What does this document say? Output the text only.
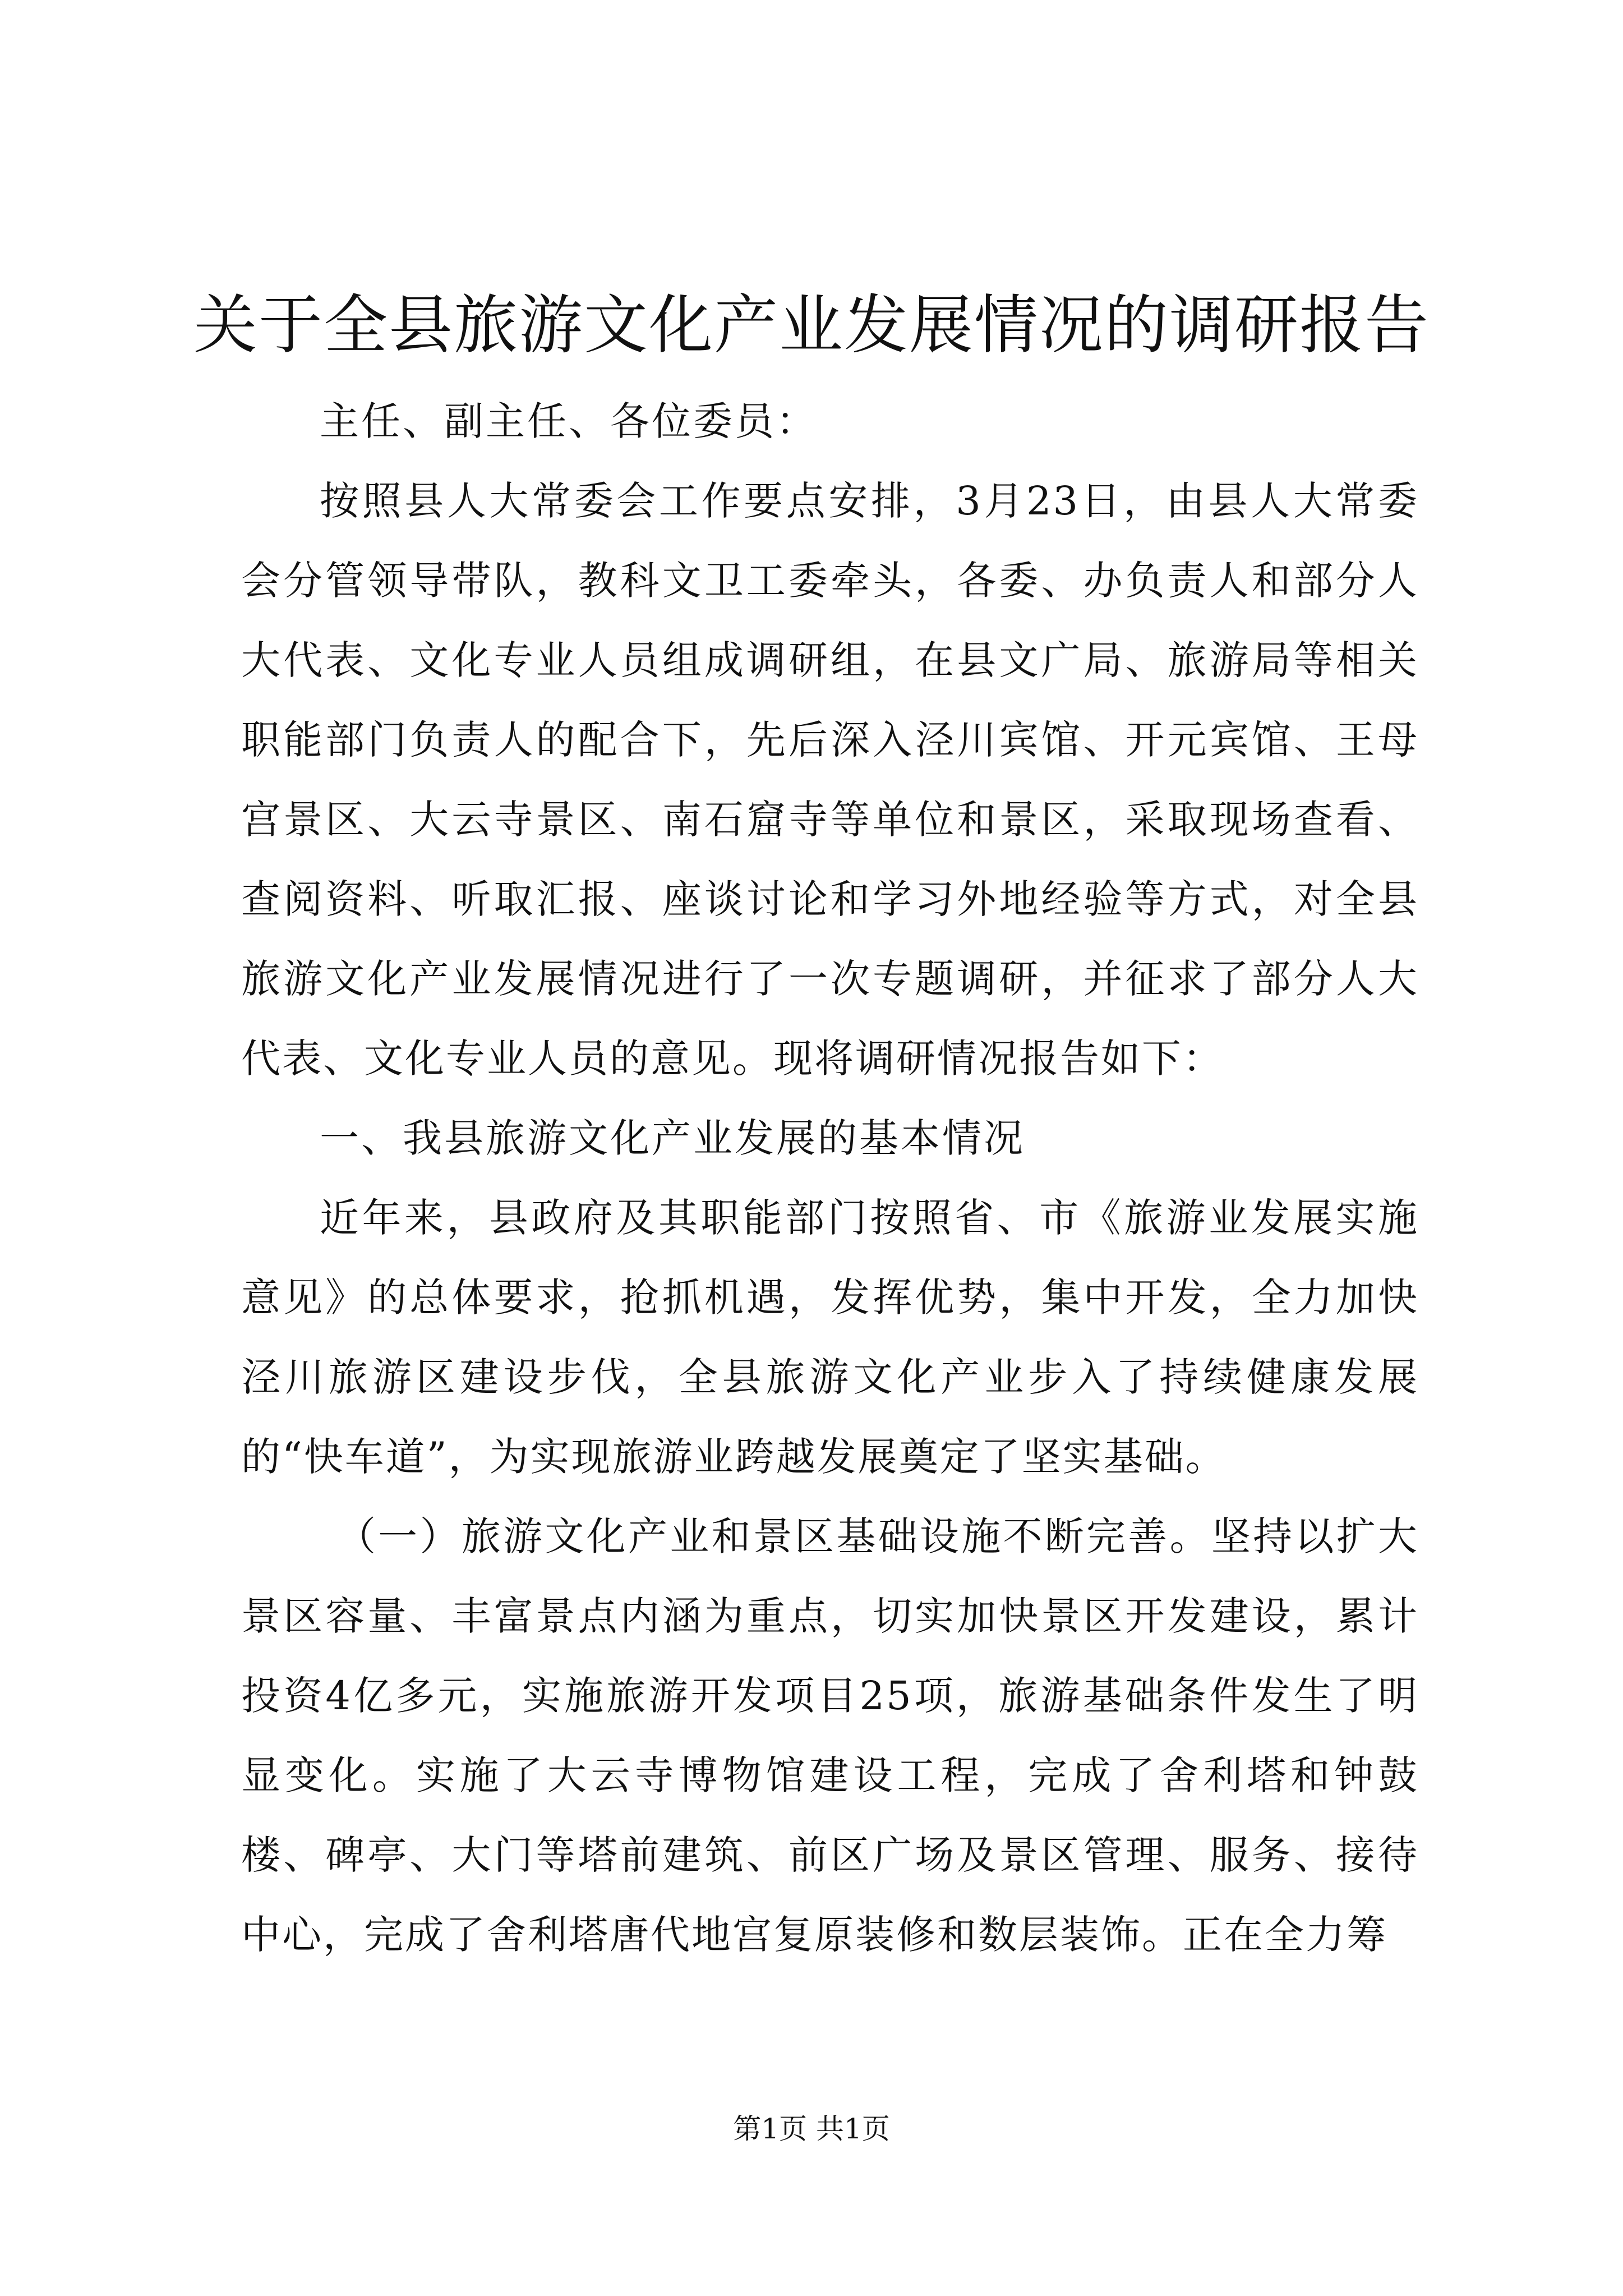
关于全县旅游文化产业发展情况的调研报告

主任、副主任、各位委员：

按照县人大常委会工作要点安排，3月23日，由县人大常委会分管领导带队，教科文卫工委牵头，各委、办负责人和部分人大代表、文化专业人员组成调研组，在县文广局、旅游局等相关职能部门负责人的配合下，先后深入泾川宾馆、开元宾馆、王母宫景区、大云寺景区、南石窟寺等单位和景区，采取现场查看、查阅资料、听取汇报、座谈讨论和学习外地经验等方式，对全县旅游文化产业发展情况进行了一次专题调研，并征求了部分人大代表、文化专业人员的意见。现将调研情况报告如下：

一、我县旅游文化产业发展的基本情况

近年来，县政府及其职能部门按照省、市《旅游业发展实施意见》的总体要求，抢抓机遇，发挥优势，集中开发，全力加快泾川旅游区建设步伐，全县旅游文化产业步入了持续健康发展的“快车道”，为实现旅游业跨越发展奠定了坚实基础。

（一）旅游文化产业和景区基础设施不断完善。坚持以扩大景区容量、丰富景点内涵为重点，切实加快景区开发建设，累计投资4亿多元，实施旅游开发项目25项，旅游基础条件发生了明显变化。实施了大云寺博物馆建设工程，完成了舍利塔和钟鼓楼、碑亭、大门等塔前建筑、前区广场及景区管理、服务、接待中心，完成了舍利塔唐代地宫复原装修和数层装饰。正在全力筹

第1页 共1页
